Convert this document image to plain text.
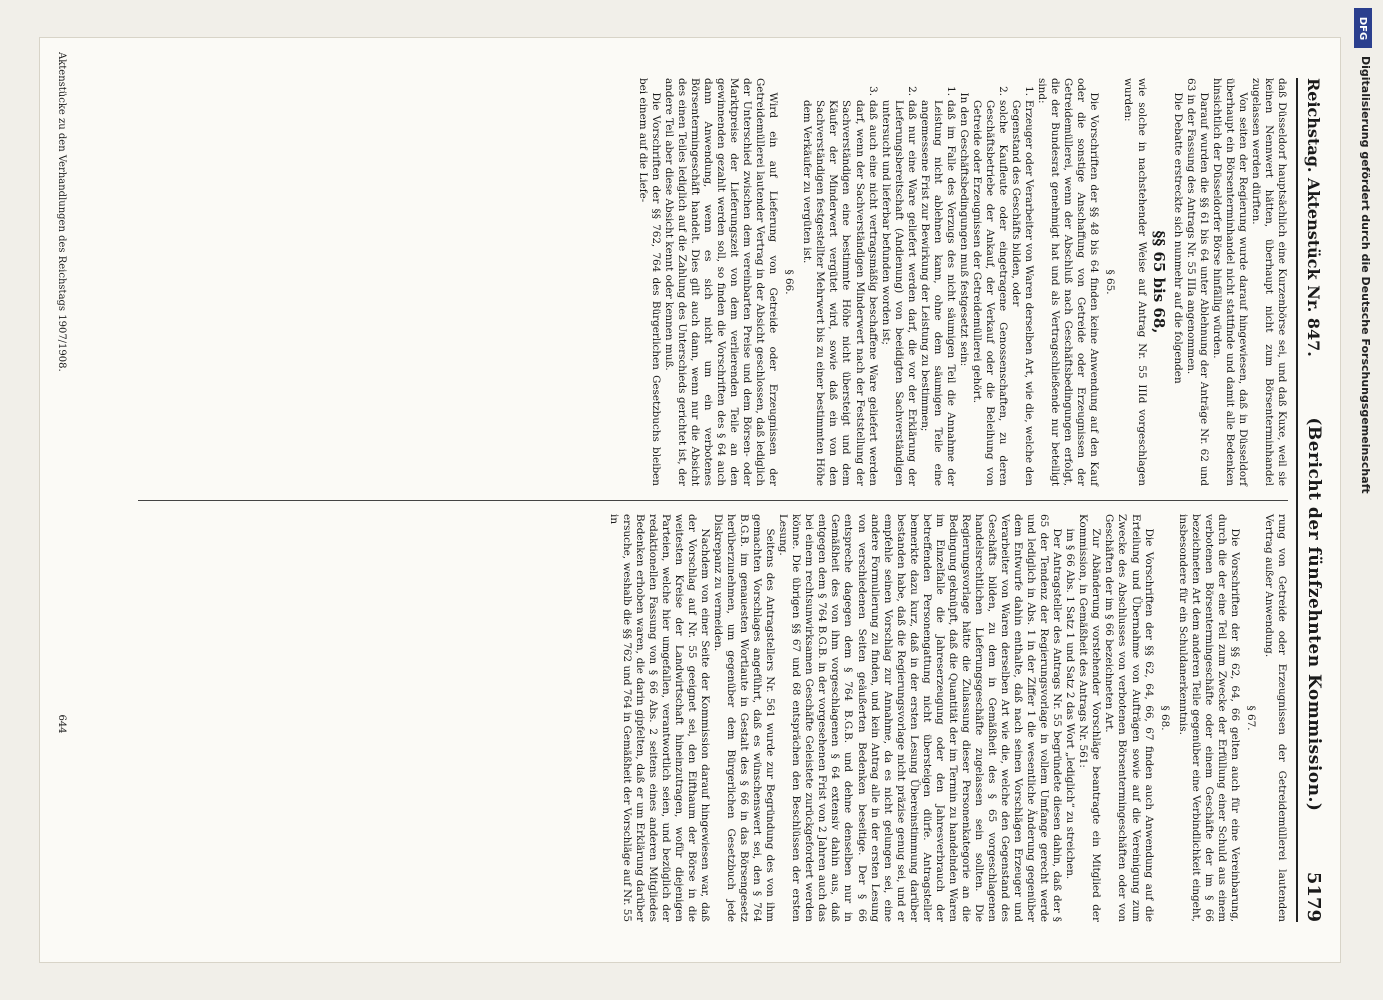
Reichstag. Aktenstück Nr. 847.
(Bericht der fünfzehnten Kommission.)
5179

daß Düsseldorf hauptsächlich eine Kurzenbörse sei, und daß Kuxe, weil sie keinen Nennwert hätten, überhaupt nicht zum Börsenterminhandel zugelassen werden dürften.

Von seiten der Regierung wurde darauf hingewiesen, daß in Düsseldorf überhaupt ein Börsenterminhandel nicht stattfinde und damit alle Bedenken hinsichtlich der Düsseldorfer Börse hinfällig würden.

Darauf wurden die §§ 61 bis 64 unter Ablehnung der Anträge Nr. 62 und 63 in der Fassung des Antrags Nr. 55 IIIa angenommen.

Die Debatte erstreckte sich nunmehr auf die folgenden

§§ 65 bis 68,

wie solche in nachstehender Weise auf Antrag Nr. 55 IIId vorgeschlagen wurden:

§ 65.

Die Vorschriften der §§ 48 bis 64 finden keine Anwendung auf den Kauf oder die sonstige Anschaffung von Getreide oder Erzeugnissen der Getreidemüllerei, wenn der Abschluß nach Geschäftsbedingungen erfolgt, die der Bundesrat genehmigt hat und als Vertragschließende nur beteiligt sind:

1.
Erzeuger oder Verarbeiter von Waren derselben Art, wie die, welche den Gegenstand des Geschäfts bilden, oder
2.
solche Kaufleute oder eingetragene Genossenschaften, zu deren Geschäftsbetriebe der Ankauf, der Verkauf oder die Beleihung von Getreide oder Erzeugnissen der Getreidemüllerei gehört.

In den Geschäftsbedingungen muß festgesetzt sein:

1.
daß im Falle des Verzugs des nicht säumigen Teil die Annahme der Leistung nicht ablehnen kann, ohne dem säumigen Teile eine angemessene Frist zur Bewirkung der Leistung zu bestimmen;
2.
daß nur eine Ware geliefert werden darf, die vor der Erklärung der Lieferungsbereitschaft (Andienung) von beeidigten Sachverständigen untersucht und lieferbar befunden worden ist;
3.
daß auch eine nicht vertragsmäßig beschaffene Ware geliefert werden darf, wenn der Sachverständigen Minderwert nach der Feststellung der Sachverständigen eine bestimmte Höhe nicht übersteigt und dem Käufer der Minderwert vergütet wird, sowie daß ein von den Sachverständigen festgestellter Mehrwert bis zu einer bestimmten Höhe dem Verkäufer zu vergüten ist.
§ 66.

Wird ein auf Lieferung von Getreide oder Erzeugnissen der Getreidemüllerei lautender Vertrag in der Absicht geschlossen, daß lediglich der Unterschied zwischen dem vereinbarten Preise und dem Börsen- oder Marktpreise der Lieferungszeit von dem verlierenden Teile an den gewinnenden gezahlt werden soll, so finden die Vorschriften des § 64 auch dann Anwendung, wenn es sich nicht um ein verbotenes Börsentermingeschäft handelt. Dies gilt auch dann, wenn nur die Absicht des einen Teiles lediglich auf die Zahlung des Unterschieds gerichtet ist, der andere Teil aber diese Absicht kennt oder kennen muß.

Die Vorschriften der §§ 762, 764 des Bürgerlichen Gesetzbuchs bleiben bei einem auf die Liefe-

rung von Getreide oder Erzeugnissen der Getreidemüllerei lautenden Vertrag außer Anwendung.

§ 67.

Die Vorschriften der §§ 62, 64, 66 gelten auch für eine Vereinbarung, durch die der eine Teil zum Zwecke der Erfüllung einer Schuld aus einem verbotenen Börsentermingeschäfte oder einem Geschäfte der im § 66 bezeichneten Art dem anderen Teile gegenüber eine Verbindlichkeit eingeht, insbesondere für ein Schuldanerkenntnis.

§ 68.

Die Vorschriften der §§ 62, 64, 66, 67 finden auch Anwendung auf die Erteilung und Übernahme von Aufträgen sowie auf die Vereinigung zum Zwecke des Abschlusses von verbotenen Börsentermingeschäften oder von Geschäften der im § 66 bezeichneten Art.

Zur Abänderung vorstehender Vorschläge beantragte ein Mitglied der Kommission, in Gemäßheit des Antrags Nr. 561:

im § 66 Abs. 1 Satz 1 und Satz 2 das Wort „lediglich“ zu streichen.

Der Antragsteller des Antrags Nr. 55 begründete diesen dahin, daß der § 65 der Tendenz der Regierungsvorlage in vollem Umfange gerecht werde und lediglich in Abs. 1 in der Ziffer 1 die wesentliche Änderung gegenüber dem Entwurfe dahin enthalte, daß nach seinen Vorschlägen Erzeuger und Verarbeiter von Waren derselben Art wie die, welche den Gegenstand des Geschäfts bilden, zu dem in Gemäßheit des § 65 vorgeschlagenen handelsrechtlichen Lieferungsgeschäfte zugelassen sein sollten. Die Regierungsvorlage hätte die Zulassung dieser Personenkategorie an die Bedingung geknüpft, daß die Quantität der im Termin zu handelnden Waren im Einzelfalle die Jahreserzeugung oder den Jahresverbrauch der betreffenden Personengattung nicht übersteigen dürfe. Antragsteller bemerkte dazu kurz, daß in der ersten Lesung Übereinstimmung darüber bestanden habe, daß die Regierungsvorlage nicht präzise genug sei, und er empfehle seinen Vorschlag zur Annahme, da es nicht gelungen sei, eine andere Formulierung zu finden, und kein Antrag alle in der ersten Lesung von verschiedenen Seiten geäußerten Bedenken beseitige. Der § 66 entspreche dagegen dem § 764 B.G.B. und dehne denselben nur in Gemäßheit des von ihm vorgeschlagenen § 64 extensiv dahin aus, daß entgegen dem § 764 B.G.B. in der vorgesehenen Frist von 2 Jahren auch das bei einem rechtsunwirksamen Geschäfte Geleistete zurückgefordert werden könne. Die übrigen §§ 67 und 68 entsprächen den Beschlüssen der ersten Lesung.

Seitens des Antragstellers Nr. 561 wurde zur Begründung des von ihm gemachten Vorschlages angeführt, daß es wünschenswert sei, den § 764 B.G.B. im genauesten Wortlaute in Gestalt des § 66 in das Börsengesetz herüberzunehmen, um gegenüber dem Bürgerlichen Gesetzbuch jede Diskrepanz zu vermeiden.

Nachdem von einer Seite der Kommission darauf hingewiesen war, daß der Vorschlag auf Nr. 55 geeignet sei, den Eifthaum der Börse in die weitesten Kreise der Landwirtschaft hineinzutragen, wofür diejenigen Parteien, welche hier umgefallen, verantwortlich seien, und bezüglich der redaktionellen Fassung von § 66 Abs. 2 seitens eines anderen Mitgliedes Bedenken erhoben waren, die darin gipfelten, daß er um Erklärung darüber ersuche, weshalb die §§ 762 und 764 in Gemäßheit der Vorschläge auf Nr. 55 in

Aktenstücke zu den Verhandlungen des Reichstags 1907/1908.
644
DFG
Digitalisierung gefördert durch die Deutsche Forschungsgemeinschaft
